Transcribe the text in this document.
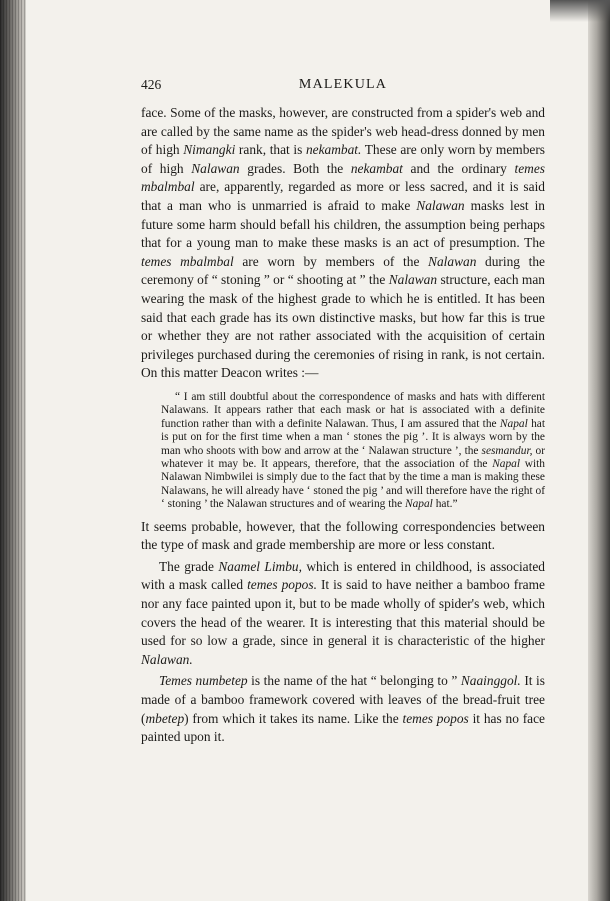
426	MALEKULA

face. Some of the masks, however, are constructed from a spider's web and are called by the same name as the spider's web head-dress donned by men of high Nimangki rank, that is nekambat. These are only worn by members of high Nalawan grades. Both the nekambat and the ordinary temes mbalmbal are, apparently, regarded as more or less sacred, and it is said that a man who is unmarried is afraid to make Nalawan masks lest in future some harm should befall his children, the assumption being perhaps that for a young man to make these masks is an act of presumption. The temes mbalmbal are worn by members of the Nalawan during the ceremony of “ stoning ” or “ shooting at ” the Nalawan structure, each man wearing the mask of the highest grade to which he is entitled. It has been said that each grade has its own distinctive masks, but how far this is true or whether they are not rather associated with the acquisition of certain privileges purchased during the ceremonies of rising in rank, is not certain. On this matter Deacon writes :—

“ I am still doubtful about the correspondence of masks and hats with different Nalawans. It appears rather that each mask or hat is associated with a definite function rather than with a definite Nalawan. Thus, I am assured that the Napal hat is put on for the first time when a man ‘ stones the pig ’. It is always worn by the man who shoots with bow and arrow at the ‘ Nalawan structure ’, the sesmandur, or whatever it may be. It appears, therefore, that the association of the Napal with Nalawan Nimbwilei is simply due to the fact that by the time a man is making these Nalawans, he will already have ‘ stoned the pig ’ and will therefore have the right of ‘ stoning ’ the Nalawan structures and of wearing the Napal hat.”

It seems probable, however, that the following correspondencies between the type of mask and grade membership are more or less constant.

The grade Naamel Limbu, which is entered in childhood, is associated with a mask called temes popos. It is said to have neither a bamboo frame nor any face painted upon it, but to be made wholly of spider's web, which covers the head of the wearer. It is interesting that this material should be used for so low a grade, since in general it is characteristic of the higher Nalawan.

Temes numbetep is the name of the hat “ belonging to ” Naainggol. It is made of a bamboo framework covered with leaves of the bread-fruit tree (mbetep) from which it takes its name. Like the temes popos it has no face painted upon it.
